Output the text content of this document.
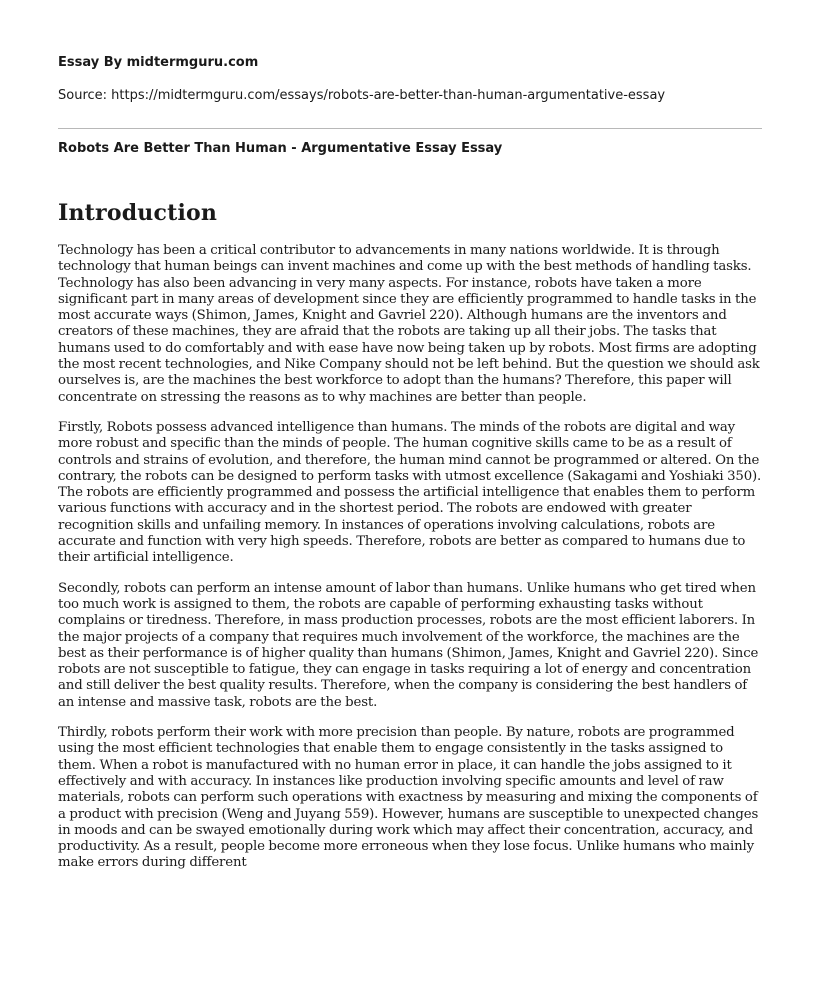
Essay By midtermguru.com
Source: https://midtermguru.com/essays/robots-are-better-than-human-argumentative-essay
Robots Are Better Than Human - Argumentative Essay Essay
Introduction

Technology has been a critical contributor to advancements in many nations worldwide. It is through technology that human beings can invent machines and come up with the best methods of handling tasks. Technology has also been advancing in very many aspects. For instance, robots have taken a more significant part in many areas of development since they are efficiently programmed to handle tasks in the most accurate ways (Shimon, James, Knight and Gavriel 220). Although humans are the inventors and creators of these machines, they are afraid that the robots are taking up all their jobs. The tasks that humans used to do comfortably and with ease have now being taken up by robots. Most firms are adopting the most recent technologies, and Nike Company should not be left behind. But the question we should ask ourselves is, are the machines the best workforce to adopt than the humans? Therefore, this paper will concentrate on stressing the reasons as to why machines are better than people.

Firstly, Robots possess advanced intelligence than humans. The minds of the robots are digital and way more robust and specific than the minds of people. The human cognitive skills came to be as a result of controls and strains of evolution, and therefore, the human mind cannot be programmed or altered. On the contrary, the robots can be designed to perform tasks with utmost excellence (Sakagami and Yoshiaki 350). The robots are efficiently programmed and possess the artificial intelligence that enables them to perform various functions with accuracy and in the shortest period. The robots are endowed with greater recognition skills and unfailing memory. In instances of operations involving calculations, robots are accurate and function with very high speeds. Therefore, robots are better as compared to humans due to their artificial intelligence.

Secondly, robots can perform an intense amount of labor than humans. Unlike humans who get tired when too much work is assigned to them, the robots are capable of performing exhausting tasks without complains or tiredness. Therefore, in mass production processes, robots are the most efficient laborers. In the major projects of a company that requires much involvement of the workforce, the machines are the best as their performance is of higher quality than humans (Shimon, James, Knight and Gavriel 220). Since robots are not susceptible to fatigue, they can engage in tasks requiring a lot of energy and concentration and still deliver the best quality results. Therefore, when the company is considering the best handlers of an intense and massive task, robots are the best.

Thirdly, robots perform their work with more precision than people. By nature, robots are programmed using the most efficient technologies that enable them to engage consistently in the tasks assigned to them. When a robot is manufactured with no human error in place, it can handle the jobs assigned to it effectively and with accuracy. In instances like production involving specific amounts and level of raw materials, robots can perform such operations with exactness by measuring and mixing the components of a product with precision (Weng and Juyang 559). However, humans are susceptible to unexpected changes in moods and can be swayed emotionally during work which may affect their concentration, accuracy, and productivity. As a result, people become more erroneous when they lose focus. Unlike humans who mainly make errors during different
